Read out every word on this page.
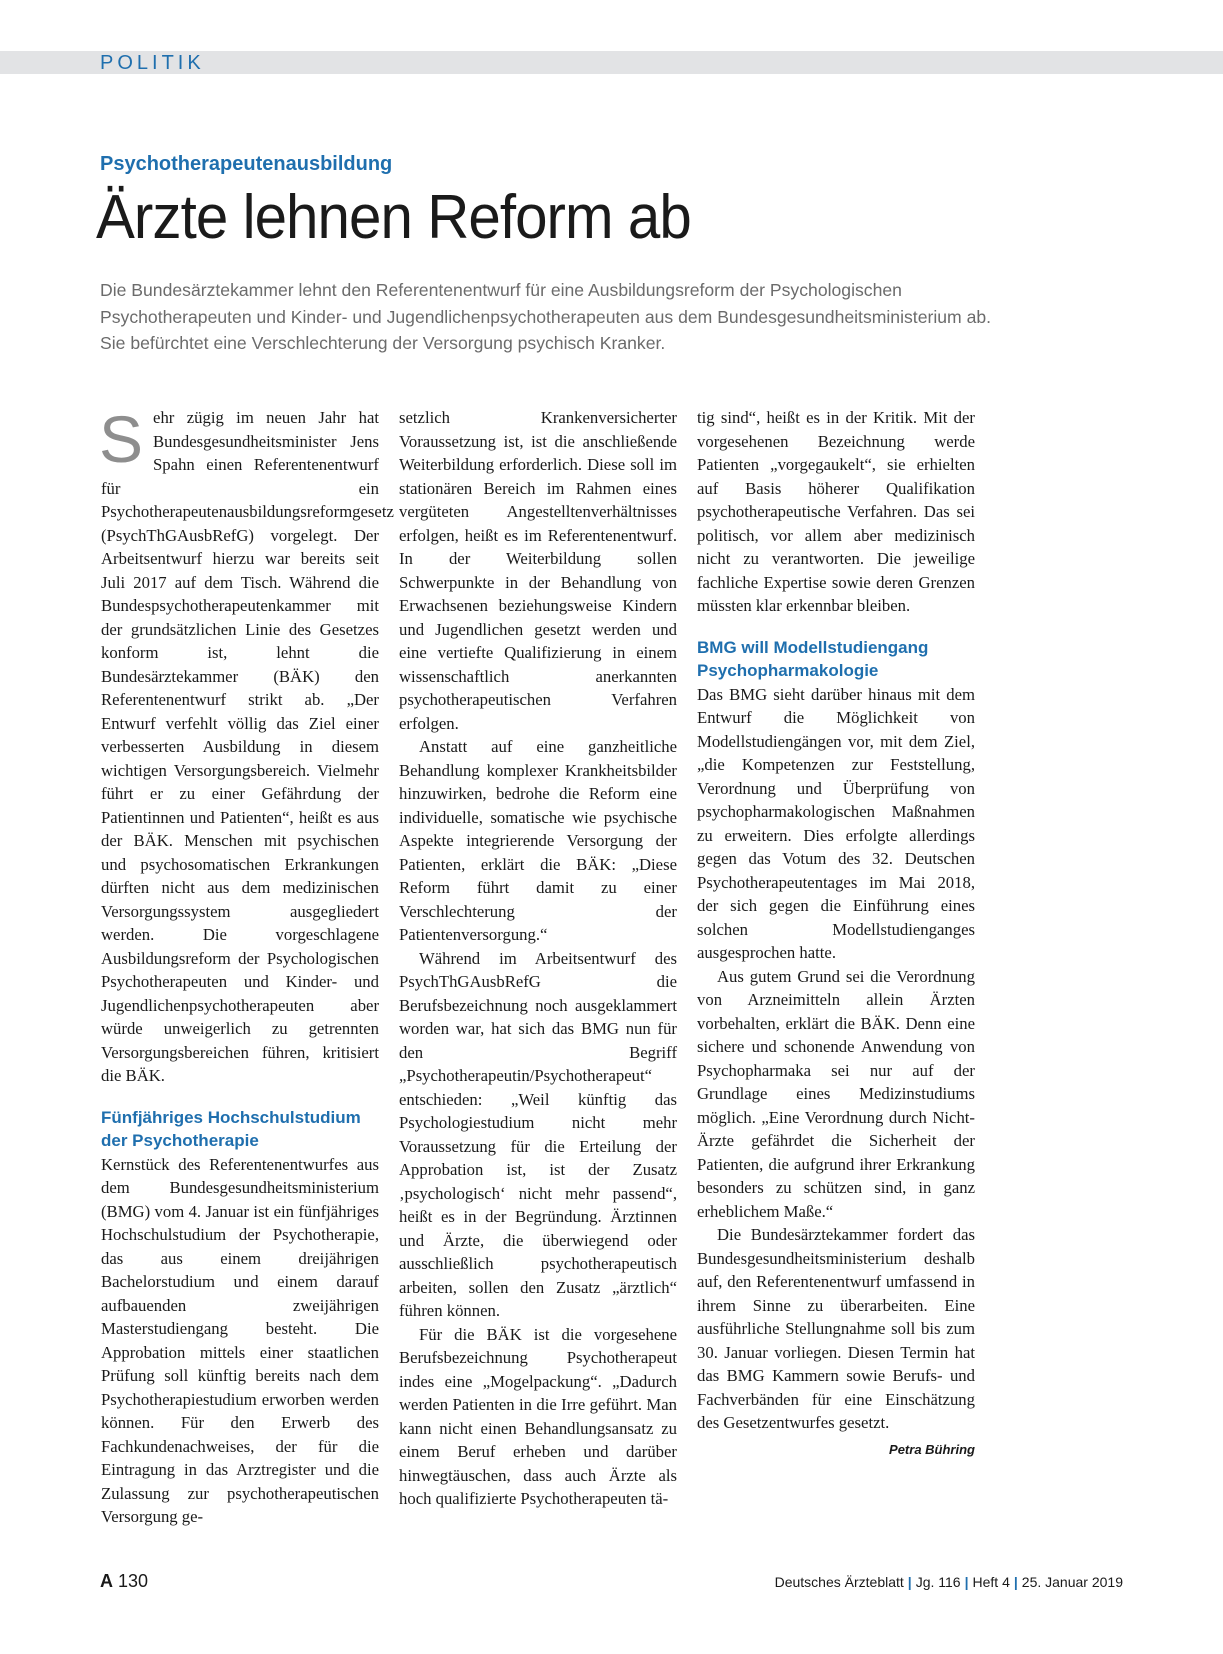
POLITIK
Psychotherapeutenausbildung
Ärzte lehnen Reform ab
Die Bundesärztekammer lehnt den Referentenentwurf für eine Ausbildungsreform der Psychologischen Psychotherapeuten und Kinder- und Jugendlichenpsychotherapeuten aus dem Bundesgesundheitsministerium ab. Sie befürchtet eine Verschlechterung der Versorgung psychisch Kranker.
S ehr zügig im neuen Jahr hat Bundesgesundheitsminister Jens Spahn einen Referentenentwurf für ein Psychotherapeutenausbildungsreformgesetz (PsychThGAusbRefG) vorgelegt. Der Arbeitsentwurf hierzu war bereits seit Juli 2017 auf dem Tisch. Während die Bundespsychotherapeutenkammer mit der grundsätzlichen Linie des Gesetzes konform ist, lehnt die Bundesärztekammer (BÄK) den Referentenentwurf strikt ab. „Der Entwurf verfehlt völlig das Ziel einer verbesserten Ausbildung in diesem wichtigen Versorgungsbereich. Vielmehr führt er zu einer Gefährdung der Patientinnen und Patienten“, heißt es aus der BÄK. Menschen mit psychischen und psychosomatischen Erkrankungen dürften nicht aus dem medizinischen Versorgungssystem ausgegliedert werden. Die vorgeschlagene Ausbildungsreform der Psychologischen Psychotherapeuten und Kinder- und Jugendlichenpsychotherapeuten aber würde unweigerlich zu getrennten Versorgungsbereichen führen, kritisiert die BÄK.

Fünfjähriges Hochschulstudium der Psychotherapie

Kernstück des Referentenentwurfes aus dem Bundesgesundheitsministerium (BMG) vom 4. Januar ist ein fünfjähriges Hochschulstudium der Psychotherapie, das aus einem dreijährigen Bachelorstudium und einem darauf aufbauenden zweijährigen Masterstudiengang besteht. Die Approbation mittels einer staatlichen Prüfung soll künftig bereits nach dem Psychotherapiestudium erworben werden können. Für den Erwerb des Fachkundenachweises, der für die Eintragung in das Arztregister und die Zulassung zur psychotherapeutischen Versorgung ge-

setzlich Krankenversicherter Voraussetzung ist, ist die anschließende Weiterbildung erforderlich. Diese soll im stationären Bereich im Rahmen eines vergüteten Angestelltenverhältnisses erfolgen, heißt es im Referentenentwurf. In der Weiterbildung sollen Schwerpunkte in der Behandlung von Erwachsenen beziehungsweise Kindern und Jugendlichen gesetzt werden und eine vertiefte Qualifizierung in einem wissenschaftlich anerkannten psychotherapeutischen Verfahren erfolgen.

Anstatt auf eine ganzheitliche Behandlung komplexer Krankheitsbilder hinzuwirken, bedrohe die Reform eine individuelle, somatische wie psychische Aspekte integrierende Versorgung der Patienten, erklärt die BÄK: „Diese Reform führt damit zu einer Verschlechterung der Patientenversorgung.“

Während im Arbeitsentwurf des PsychThGAusbRefG die Berufsbezeichnung noch ausgeklammert worden war, hat sich das BMG nun für den Begriff „Psychotherapeutin/Psychotherapeut“ entschieden: „Weil künftig das Psychologiestudium nicht mehr Voraussetzung für die Erteilung der Approbation ist, ist der Zusatz ‚psychologisch‘ nicht mehr passend“, heißt es in der Begründung. Ärztinnen und Ärzte, die überwiegend oder ausschließlich psychotherapeutisch arbeiten, sollen den Zusatz „ärztlich“ führen können.

Für die BÄK ist die vorgesehene Berufsbezeichnung Psychotherapeut indes eine „Mogelpackung“. „Dadurch werden Patienten in die Irre geführt. Man kann nicht einen Behandlungsansatz zu einem Beruf erheben und darüber hinwegtäuschen, dass auch Ärzte als hoch qualifizierte Psychotherapeuten tä-

tig sind“, heißt es in der Kritik. Mit der vorgesehenen Bezeichnung werde Patienten „vorgegaukelt“, sie erhielten auf Basis höherer Qualifikation psychotherapeutische Verfahren. Das sei politisch, vor allem aber medizinisch nicht zu verantworten. Die jeweilige fachliche Expertise sowie deren Grenzen müssten klar erkennbar bleiben.

BMG will Modellstudiengang Psychopharmakologie

Das BMG sieht darüber hinaus mit dem Entwurf die Möglichkeit von Modellstudiengängen vor, mit dem Ziel, „die Kompetenzen zur Feststellung, Verordnung und Überprüfung von psychopharmakologischen Maßnahmen zu erweitern. Dies erfolgte allerdings gegen das Votum des 32. Deutschen Psychotherapeutentages im Mai 2018, der sich gegen die Einführung eines solchen Modellstudienganges ausgesprochen hatte.

Aus gutem Grund sei die Verordnung von Arzneimitteln allein Ärzten vorbehalten, erklärt die BÄK. Denn eine sichere und schonende Anwendung von Psychopharmaka sei nur auf der Grundlage eines Medizinstudiums möglich. „Eine Verordnung durch Nicht-Ärzte gefährdet die Sicherheit der Patienten, die aufgrund ihrer Erkrankung besonders zu schützen sind, in ganz erheblichem Maße.“

Die Bundesärztekammer fordert das Bundesgesundheitsministerium deshalb auf, den Referentenentwurf umfassend in ihrem Sinne zu überarbeiten. Eine ausführliche Stellungnahme soll bis zum 30. Januar vorliegen. Diesen Termin hat das BMG Kammern sowie Berufs- und Fachverbänden für eine Einschätzung des Gesetzentwurfes gesetzt.
Petra Bühring

A 130	Deutsches Ärzteblatt | Jg. 116 | Heft 4 | 25. Januar 2019
